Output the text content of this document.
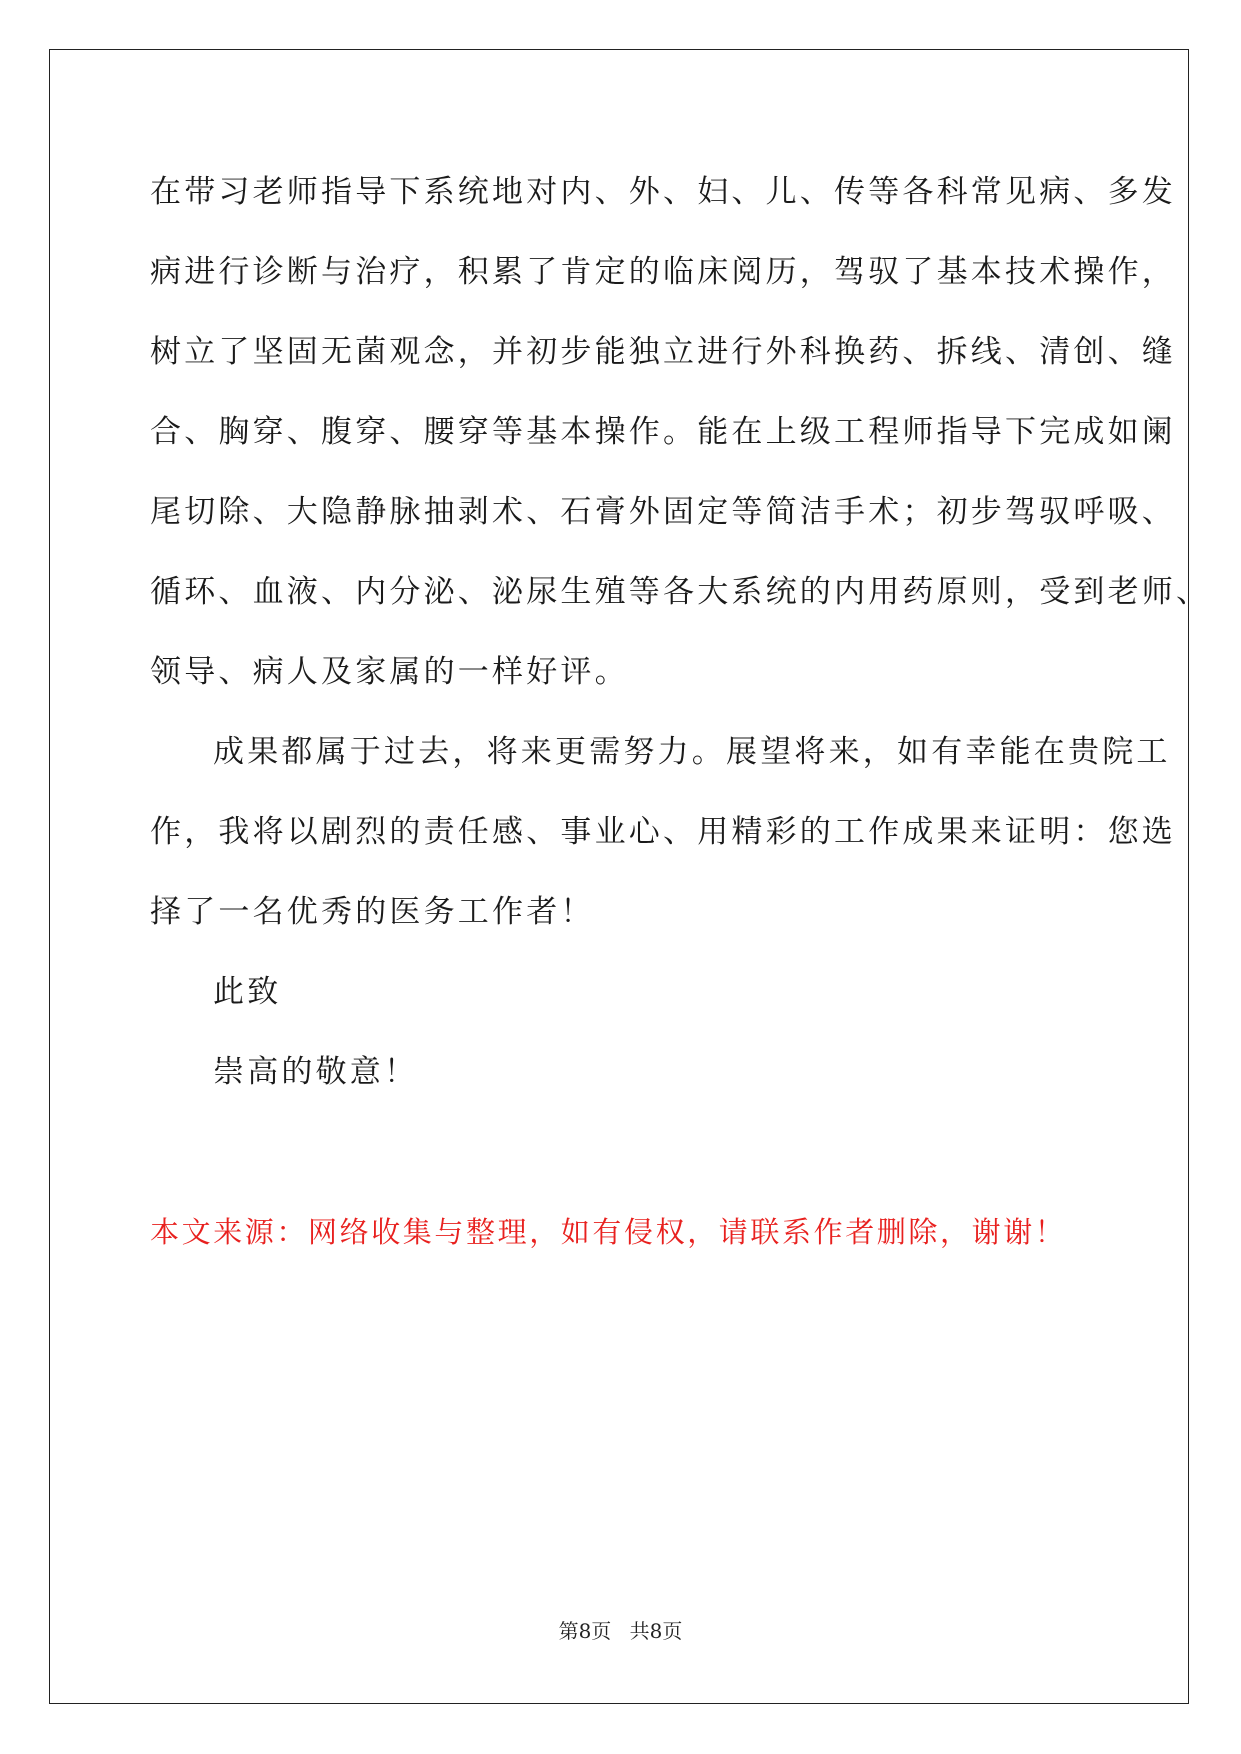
在带习老师指导下系统地对内、外、妇、儿、传等各科常见病、多发
病进行诊断与治疗，积累了肯定的临床阅历，驾驭了基本技术操作，
树立了坚固无菌观念，并初步能独立进行外科换药、拆线、清创、缝
合、胸穿、腹穿、腰穿等基本操作。能在上级工程师指导下完成如阑
尾切除、大隐静脉抽剥术、石膏外固定等简洁手术；初步驾驭呼吸、
循环、血液、内分泌、泌尿生殖等各大系统的内用药原则，受到老师、
领导、病人及家属的一样好评。
成果都属于过去，将来更需努力。展望将来，如有幸能在贵院工
作，我将以剧烈的责任感、事业心、用精彩的工作成果来证明：您选
择了一名优秀的医务工作者！
此致
崇高的敬意！
本文来源：网络收集与整理，如有侵权，请联系作者删除，谢谢！
第8页 共8页
